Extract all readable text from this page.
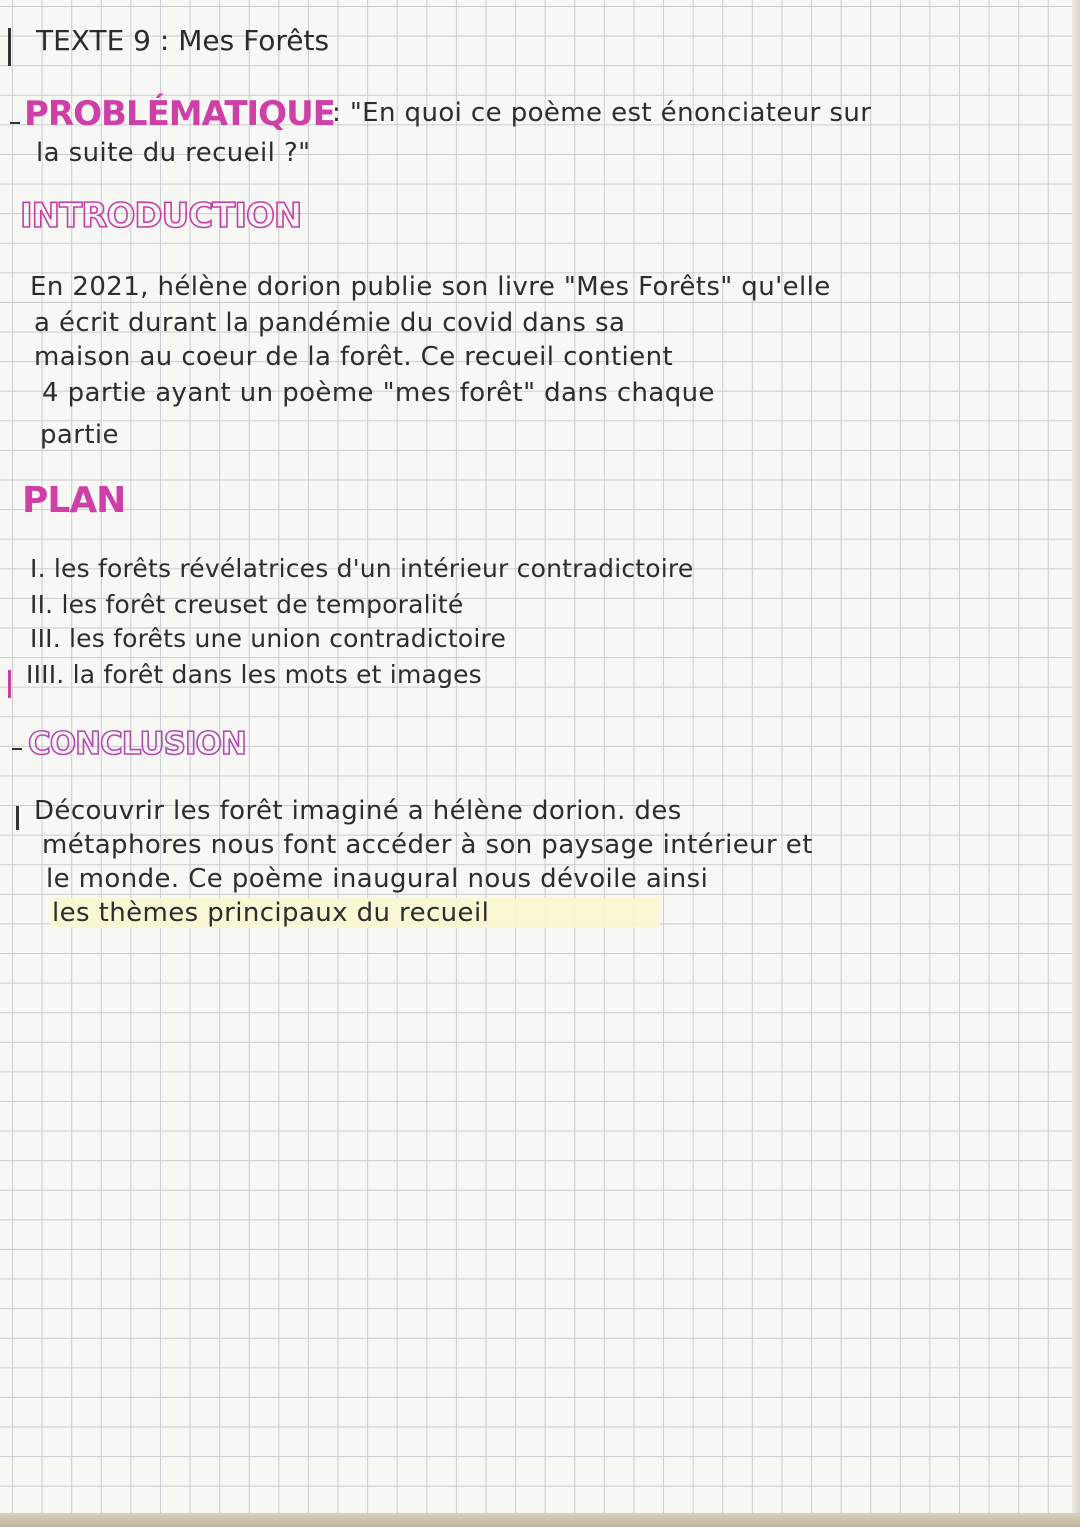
TEXTE 9 : Mes Forêts
PROBLÉMATIQUE
: "En quoi ce poème est énonciateur sur
la suite du recueil ?"
INTRODUCTION
En 2021, hélène dorion publie son livre "Mes Forêts" qu'elle
a écrit durant la pandémie du covid dans sa
maison au coeur de la forêt. Ce recueil contient
4 partie ayant un poème "mes forêt" dans chaque
partie
PLAN
I. les forêts révélatrices d'un intérieur contradictoire
II. les forêt creuset de temporalité
III. les forêts une union contradictoire
IIII. la forêt dans les mots et images
CONCLUSION
Découvrir les forêt imaginé a hélène dorion. des
métaphores nous font accéder à son paysage intérieur et
le monde. Ce poème inaugural nous dévoile ainsi
les thèmes principaux du recueil
